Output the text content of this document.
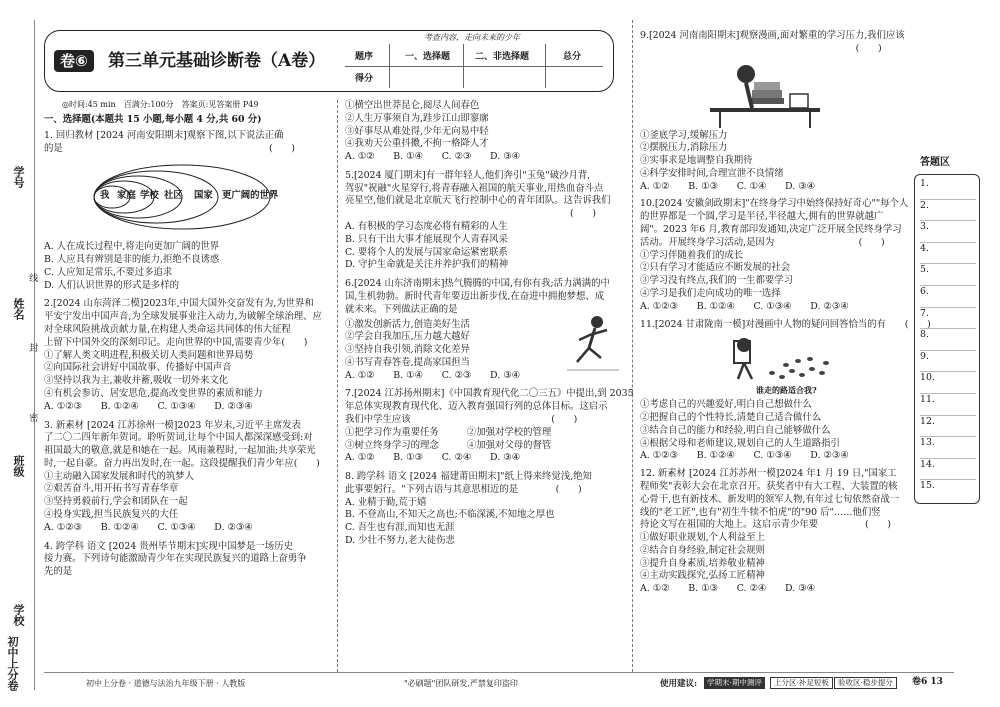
学号
姓名
班级
学校
线
封
密
初中上分卷
卷⑥	第三单元基础诊断卷（A卷）
考查内容，走向未来的少年
题序	一、选择题	二、非选择题	总分
得分
◎时间:45 min　百满分:100分　答案页:见答案册 P49

一、选择题(本题共 15 小题,每小题 4 分,共 60 分)

1. 回归教材 [2024 河南安阳期末]观察下图,以下说法正确

的是　　　　　　　　　　　　　　　　　　　　　　(　　)

我 家庭 学校 社区 国家 更广阔的世界

A. 人在成长过程中,将走向更加广阔的世界

B. 人应具有辨别是非的能力,拒绝不良诱惑

C. 人应知足常乐,不要过多追求

D. 人们认识世界的形式是多样的

2.[2024 山东菏泽二模]2023年,中国大国外交奋发有为,为世界和

平安宁发出中国声音,为全球发展事业注入动力,为破解全球治理、应

对全球风险挑战贡献力量,在构建人类命运共同体的伟大征程

上留下中国外交的深刻印记。走向世界的中国,需要青少年(　　)

①了解人类文明进程,积极关切人类问题和世界局势

②向国际社会讲好中国故事、传播好中国声音

③坚持以我为主,兼收并蓄,吸收一切外来文化

④有机会参访、居安思危,提高改变世界的素质和能力

A. ①②③　　B. ①②④　　C. ①③④　　D. ②③④

3. 新素材 [2024 江苏徐州一模]2023 年岁末,习近平主席发表

了二〇二四年新年贺词。聆听贺词,让每个中国人都深深感受到:对

祖国最大的敬意,就是和她在一起。风雨兼程时,一起加油;共享荣光

时,一起自豪。奋力再出发时,在一起。这段提醒我们青少年应(　　)

①主动融入国家发展和时代的筑梦人

②艰苦奋斗,用开拓书写青春华章

③坚持勇毅前行,学会和团队在一起

④投身实践,担当民族复兴的大任

A. ①②③　　B. ①②④　　C. ①③④　　D. ②③④

4. 跨学科 语文 [2024 贵州毕节期末]实现中国梦是一场历史

接力赛。下列诗句能激励青少年在实现民族复兴的道路上奋勇争

先的是

①横空出世莽昆仑,阅尽人间春色

②人生万事须自为,跬步江山即寥廓

③好事尽从难处得,少年无向易中轻

④我劝天公重抖擞,不拘一格降人才

A. ①②　　B. ①④　　C. ②③　　D. ③④

5.[2024 厦门期末]有一群年轻人,他们奔引"玉兔"破沙月背,

驾驭"祝融"火星穿行,将青春融入祖国的航天事业,用热血奋斗点

亮星空,他们就是北京航天飞行控制中心的青年团队。这告诉我们

　　　　　　　　　　　　　　　　　　　　　　　　(　　)

A. 有积极的学习态度必将有精彩的人生

B. 只有干出大事才能展现个人青春风采

C. 要将个人的发展与国家命运紧密联系

D. 守护生命就是关注并养护我们的精神

6.[2024 山东济南期末]热气腾腾的中国,有你有我;活力满满的中

国,生机勃勃。新时代青年要迈出新步伐,在奋进中拥抱梦想、成

就未来。下列做法正确的是

①激发创新活力,创造美好生活

②学会自我加压,压力越大越好

③坚持自我引领,消除文化差异

④书写青春答卷,提高家国担当

A. ①②　　B. ①④　　C. ②③　　D. ③④

7.[2024 江苏扬州期末]《中国教育现代化二〇三五》中提出,到 2035

年总体实现教育现代化、迈入教育强国行列的总体目标。这启示

我们中学生应该　　　　　　　　　　　　　　　(　　)

①把学习作为重要任务　　　②加强对学校的管理

③树立终身学习的理念　　　④加强对父母的督管

A. ①②　　B. ①③　　C. ②④　　D. ③④

8. 跨学科 语文 [2024 福建莆田期末]"纸上得来终觉浅,绝知

此事要躬行。"下列古语与其意思相近的是　　　　(　　)

A. 业精于勤,荒于嬉

B. 不登高山,不知天之高也;不临深溪,不知地之厚也

C. 吾生也有涯,而知也无涯

D. 少壮不努力,老大徒伤悲

9.[2024 河南南阳期末]观察漫画,面对繁重的学习压力,我们应该

　　　　　　　　　　　　　　　　　　　　　　　(　　)

①釜底学习,缓解压力

②摆脱压力,消除压力

③实事求是地调整自我期待

④科学安排时间,合理宣泄不良情绪

A. ①②　　B. ①③　　C. ①④　　D. ③④

10.[2024 安徽剑政期末]"在终身学习中始终保持好奇心""每个人

的世界都是一个圆,学习是半径,半径越大,拥有的世界就越广

阔"。2023 年6 月,教育部印发通知,决定广泛开展全民终身学习

活动。开展终身学习活动,是因为　　　　　　　　　(　　)

①学习伴随着我们的成长

②只有学习才能适应不断发展的社会

③学习没有终点,我们的一生都要学习

④学习是我们走向成功的唯一选择

A. ①②③　　B. ①②④　　C. ①③④　　D. ②③④

11.[2024 甘肃陇南一模]对漫画中人物的疑问回答恰当的有　　(　　)

谁走的路适合我?

①考虑自己的兴趣爱好,明白自己想做什么

②把握自己的个性特长,清楚自己适合做什么

③结合自己的能力和经验,明白自己能够做什么

④根据父母和老师建议,规划自己的人生道路指引

A. ①②③　　B. ①②④　　C. ①③④　　D. ②③④

12. 新素材 [2024 江苏苏州一模]2024 年1 月 19 日,"国家工

程师奖"表彰大会在北京召开。获奖者中有大工程、大装置的核

心骨干,也有新技术、新发明的领军人物,有年过七旬依然奋战一

线的"老工匠",也有"初生牛犊不怕虎"的"90 后"……他们竖

持论文写在祖国的大地上。这启示青少年要　　　　　(　　)

①做好职业规划,个人利益至上

②结合自身经验,制定社会规则

③提升自身素质,培养敬业精神

④主动实践探究,弘扬工匠精神

A. ①②　　B. ①③　　C. ②④　　D. ③④

答题区
1.
2.
3.
4.
5.
6.
7.
8.
9.
10.
11.
12.
13.
14.
15.
初中上分卷 · 道德与法治九年级下册 · 人教版	"必刷题"团队研发,严禁复印盗印	使用建议:	学期末·期中测评	上分区·补足短板	验收区·稳步提分	卷6 13
